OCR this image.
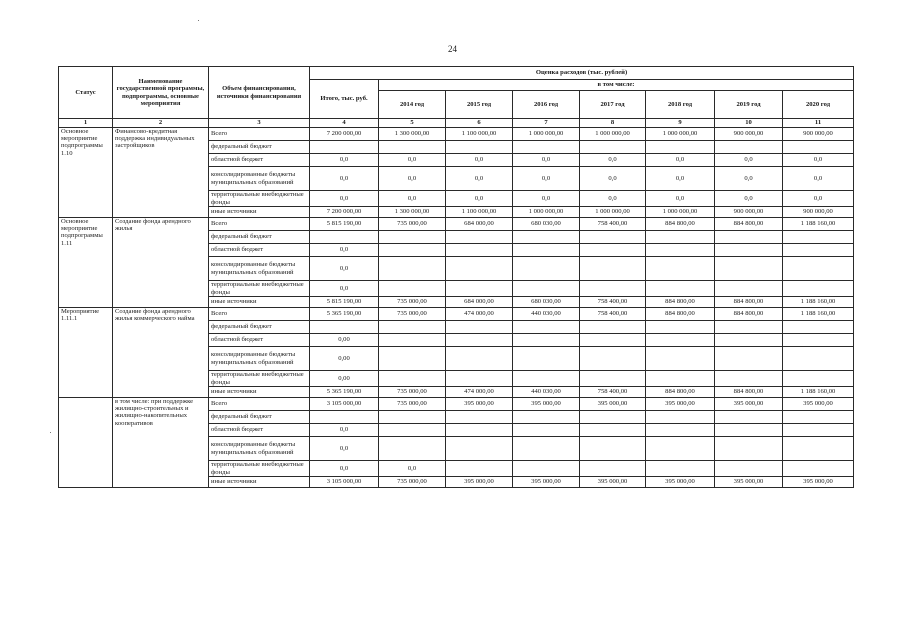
24
Статус	Наименование государственной программы, подпрограммы, основные мероприятия	Объем финансирования, источники финансирования	Оценка расходов (тыс. рублей)							
			Итого, тыс. руб.	в том числе:						
				2014 год	2015 год	2016 год	2017 год	2018 год	2019 год	2020 год
1	2	3	4	5	6	7	8	9	10	11
Основное мероприятие подпрограммы 1.10	Финансово-кредитная поддержка индивидуальных застройщиков	Всего	7 200 000,00	1 300 000,00	1 100 000,00	1 000 000,00	1 000 000,00	1 000 000,00	900 000,00	900 000,00
		федеральный бюджет								
		областной бюджет	0,0	0,0	0,0	0,0	0,0	0,0	0,0	0,0
		консолидированные бюджеты муниципальных образований	0,0	0,0	0,0	0,0	0,0	0,0	0,0	0,0
		территориальные внебюджетные фонды	0,0	0,0	0,0	0,0	0,0	0,0	0,0	0,0
		иные источники	7 200 000,00	1 300 000,00	1 100 000,00	1 000 000,00	1 000 000,00	1 000 000,00	900 000,00	900 000,00
Основное мероприятие подпрограммы 1.11	Создание фонда арендного жилья	Всего	5 815 190,00	735 000,00	684 000,00	680 030,00	758 400,00	884 800,00	884 800,00	1 188 160,00
		федеральный бюджет								
		областной бюджет	0,0							
		консолидированные бюджеты муниципальных образований	0,0							
		территориальные внебюджетные фонды	0,0							
		иные источники	5 815 190,00	735 000,00	684 000,00	680 030,00	758 400,00	884 800,00	884 800,00	1 188 160,00
Мероприятие 1.11.1	Создание фонда арендного жилья коммерческого найма	Всего	5 365 190,00	735 000,00	474 000,00	440 030,00	758 400,00	884 800,00	884 800,00	1 188 160,00
		федеральный бюджет								
		областной бюджет	0,00							
		консолидированные бюджеты муниципальных образований	0,00							
		территориальные внебюджетные фонды	0,00							
		иные источники	5 365 190,00	735 000,00	474 000,00	440 030,00	758 400,00	884 800,00	884 800,00	1 188 160,00
	в том числе: при поддержке жилищно-строительных и жилищно-накопительных кооперативов	Всего	3 105 000,00	735 000,00	395 000,00	395 000,00	395 000,00	395 000,00	395 000,00	395 000,00
		федеральный бюджет								
		областной бюджет	0,0							
		консолидированные бюджеты муниципальных образований	0,0							
		территориальные внебюджетные фонды	0,0	0,0						
		иные источники	3 105 000,00	735 000,00	395 000,00	395 000,00	395 000,00	395 000,00	395 000,00	395 000,00
